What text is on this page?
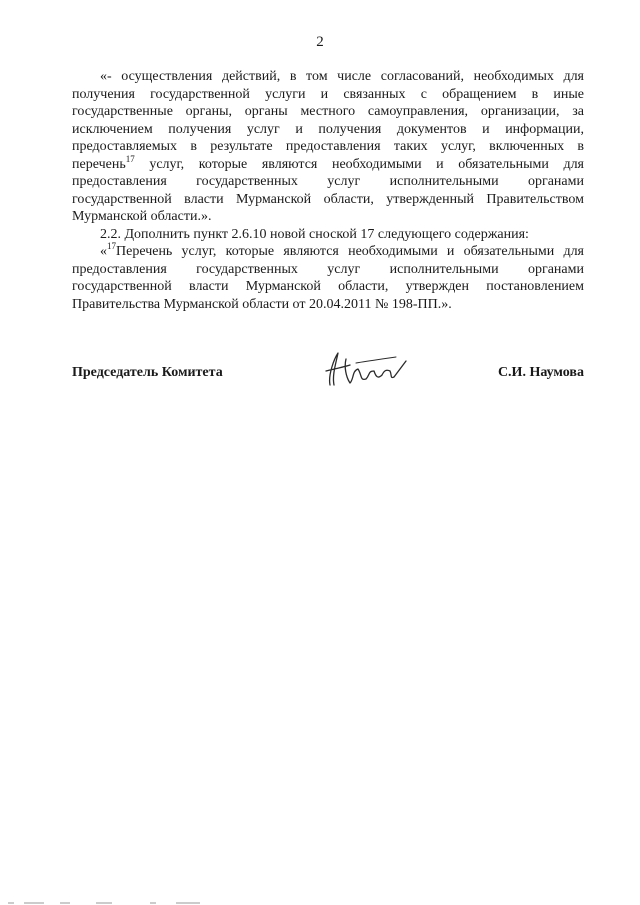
2

«- осуществления действий, в том числе согласований, необходимых для
получения государственной услуги и связанных с обращением в иные
государственные органы, органы местного самоуправления, организации, за
исключением получения услуг и получения документов и информации,
предоставляемых в результате предоставления таких услуг, включенных в
перечень$^{17}$ услуг, которые являются необходимыми и обязательными для
предоставления государственных услуг исполнительными органами
государственной власти Мурманской области, утвержденный Правительством
Мурманской области.».

2.2. Дополнить пункт 2.6.10 новой сноской 17 следующего содержания:

«$^{17}$Перечень услуг, которые являются необходимыми и обязательными для
предоставления государственных услуг исполнительными органами
государственной власти Мурманской области, утвержден постановлением
Правительства Мурманской области от 20.04.2011 № 198-ПП.».

Председатель Комитета	С.И. Наумова
